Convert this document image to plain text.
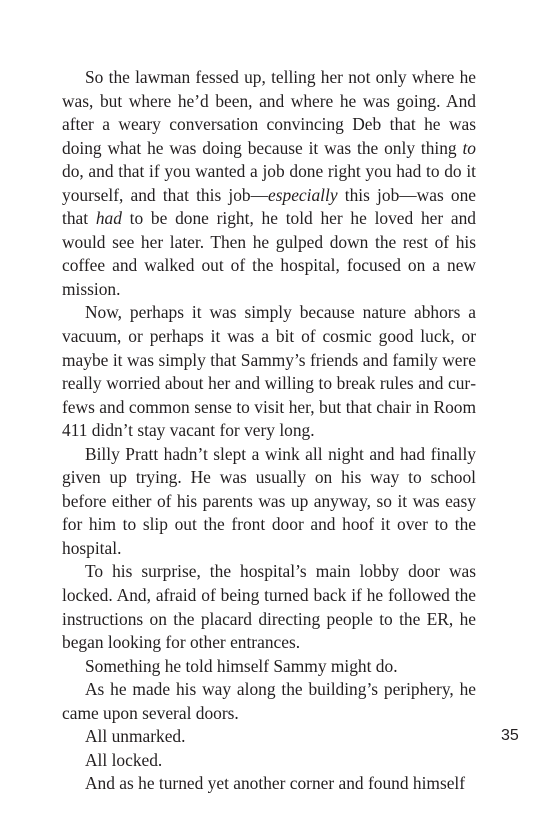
So the lawman fessed up, telling her not only where he was, but where he’d been, and where he was going. And after a weary conversation convincing Deb that he was doing what he was doing because it was the only thing to do, and that if you wanted a job done right you had to do it yourself, and that this job—especially this job—was one that had to be done right, he told her he loved her and would see her later. Then he gulped down the rest of his coffee and walked out of the hospital, focused on a new mission.

Now, perhaps it was simply because nature abhors a vacuum, or perhaps it was a bit of cosmic good luck, or maybe it was simply that Sammy’s friends and family were really worried about her and willing to break rules and curfews and common sense to visit her, but that chair in Room 411 didn’t stay vacant for very long.

Billy Pratt hadn’t slept a wink all night and had finally given up trying. He was usually on his way to school before either of his parents was up anyway, so it was easy for him to slip out the front door and hoof it over to the hospital.

To his surprise, the hospital’s main lobby door was locked. And, afraid of being turned back if he followed the instructions on the placard directing people to the ER, he began looking for other entrances.

Something he told himself Sammy might do.

As he made his way along the building’s periphery, he came upon several doors.

All unmarked.

All locked.

And as he turned yet another corner and found himself

35
